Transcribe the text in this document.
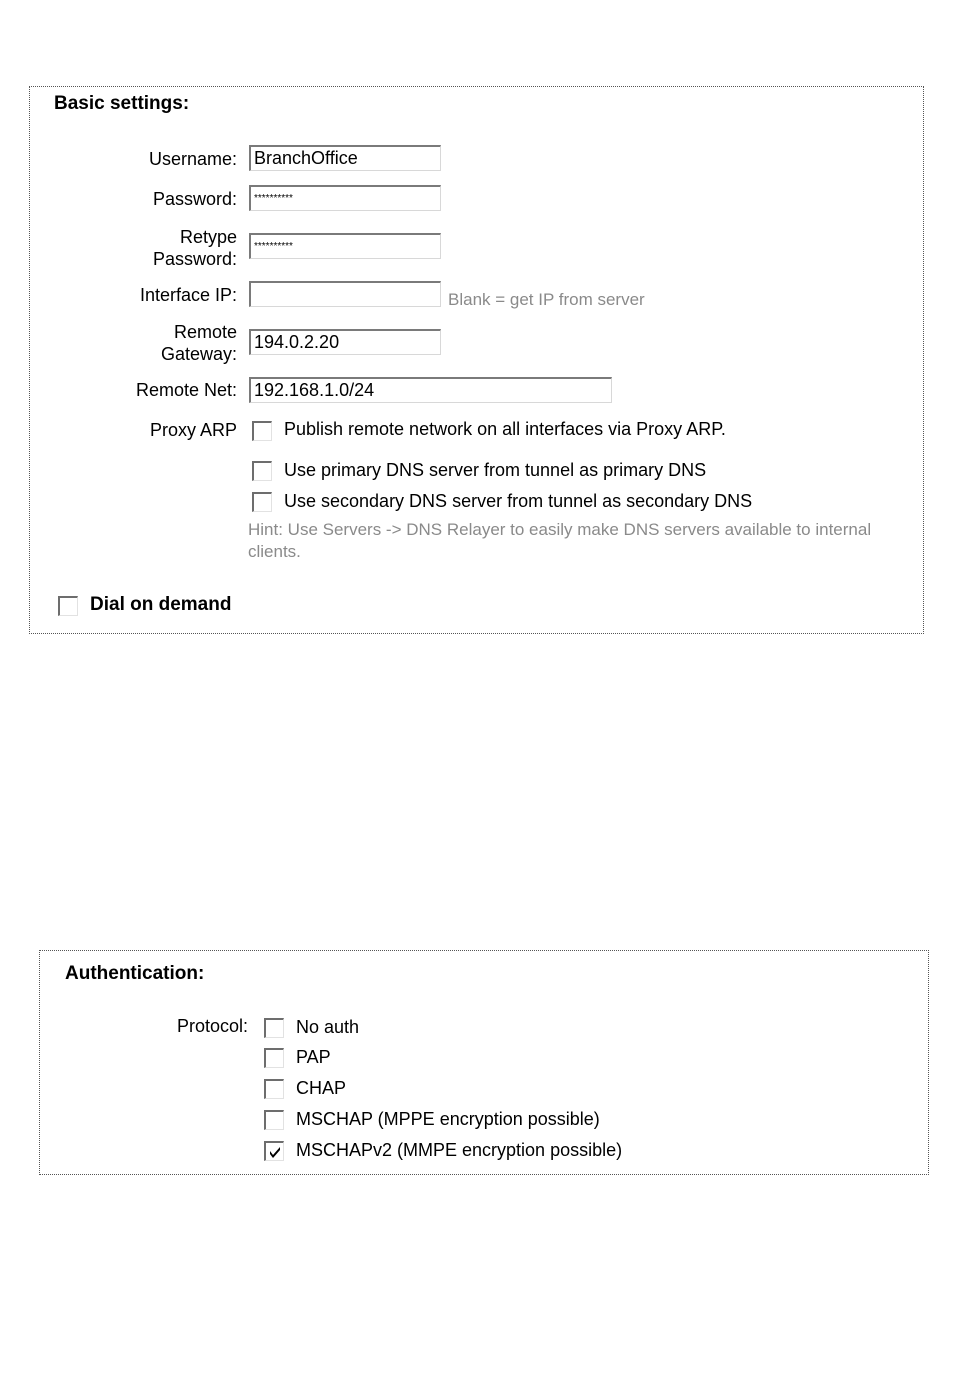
Basic settings:
Username:
BranchOffice
Password:
**********
Retype
Password:
**********
Interface IP:	Blank = get IP from server
Remote
Gateway:
194.0.2.20
Remote Net:
192.168.1.0/24
Proxy ARP	Publish remote network on all interfaces via Proxy ARP.
Use primary DNS server from tunnel as primary DNS
Use secondary DNS server from tunnel as secondary DNS
Hint: Use Servers -> DNS Relayer to easily make DNS servers available to internal
clients.
Dial on demand
Authentication:
Protocol:	No auth
PAP
CHAP
MSCHAP (MPPE encryption possible)
MSCHAPv2 (MMPE encryption possible)
